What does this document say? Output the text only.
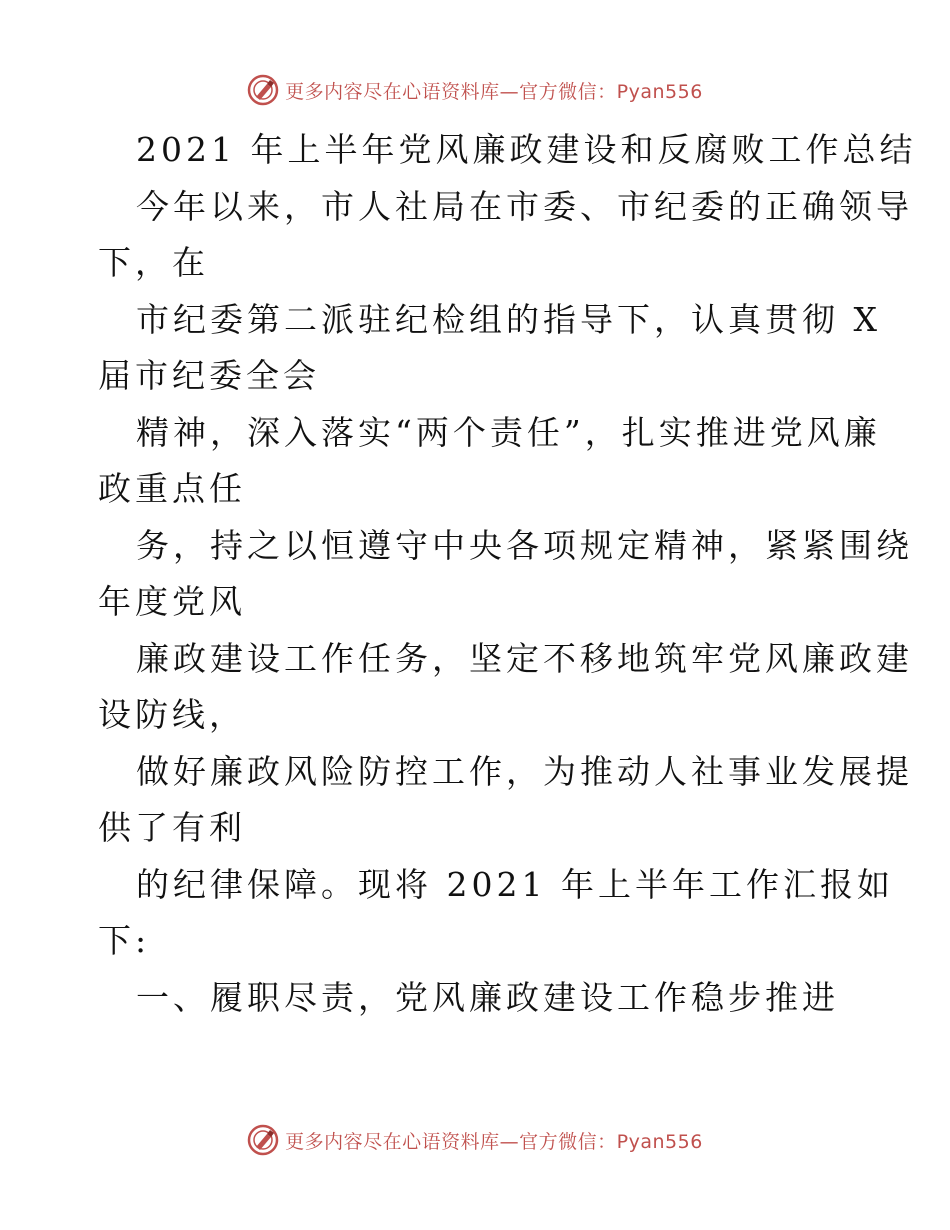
更多内容尽在心语资料库—官方微信：Pyan556
2021 年上半年党风廉政建设和反腐败工作总结
今年以来，市人社局在市委、市纪委的正确领导
下，在
市纪委第二派驻纪检组的指导下，认真贯彻 X
届市纪委全会
精神，深入落实“两个责任”，扎实推进党风廉
政重点任
务，持之以恒遵守中央各项规定精神，紧紧围绕
年度党风
廉政建设工作任务，坚定不移地筑牢党风廉政建
设防线，
做好廉政风险防控工作，为推动人社事业发展提
供了有利
的纪律保障。现将 2021 年上半年工作汇报如
下:
一、履职尽责，党风廉政建设工作稳步推进
更多内容尽在心语资料库—官方微信：Pyan556
